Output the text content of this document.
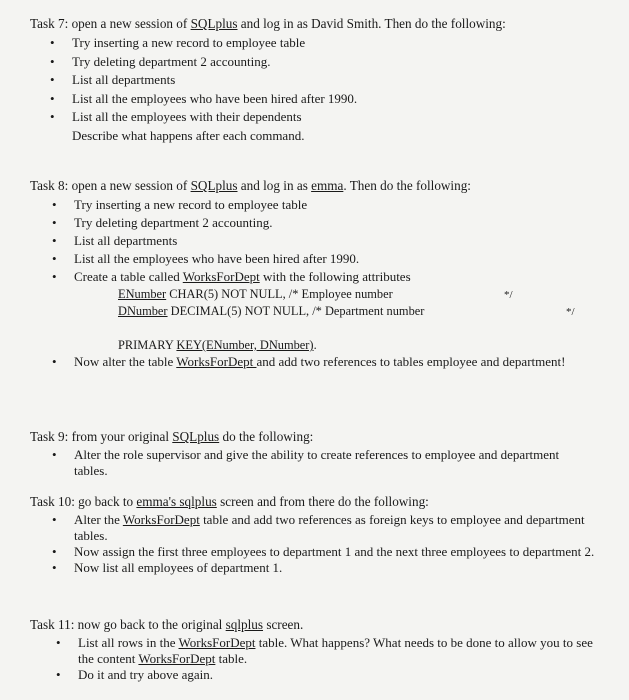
Task 7: open a new session of SQLplus and log in as David Smith. Then do the following:
• Try inserting a new record to employee table
• Try deleting department 2 accounting.
• List all departments
• List all the employees who have been hired after 1990.
• List all the employees with their dependents
Describe what happens after each command.
Task 8: open a new session of SQLplus and log in as emma. Then do the following:
• Try inserting a new record to employee table
• Try deleting department 2 accounting.
• List all departments
• List all the employees who have been hired after 1990.
• Create a table called WorksForDept with the following attributes
ENumber CHAR(5) NOT NULL, /* Employee number	*/
DNumber DECIMAL(5) NOT NULL, /* Department number	*/
PRIMARY KEY(ENumber, DNumber).
• Now alter the table WorksForDept and add two references to tables employee and department!
Task 9: from your original SQLplus do the following:
• Alter the role supervisor and give the ability to create references to employee and department tables.
Task 10: go back to emma's sqlplus screen and from there do the following:
• Alter the WorksForDept table and add two references as foreign keys to employee and department tables.
• Now assign the first three employees to department 1 and the next three employees to department 2.
• Now list all employees of department 1.
Task 11: now go back to the original sqlplus screen.
• List all rows in the WorksForDept table. What happens? What needs to be done to allow you to see the content WorksForDept table.
• Do it and try above again.
